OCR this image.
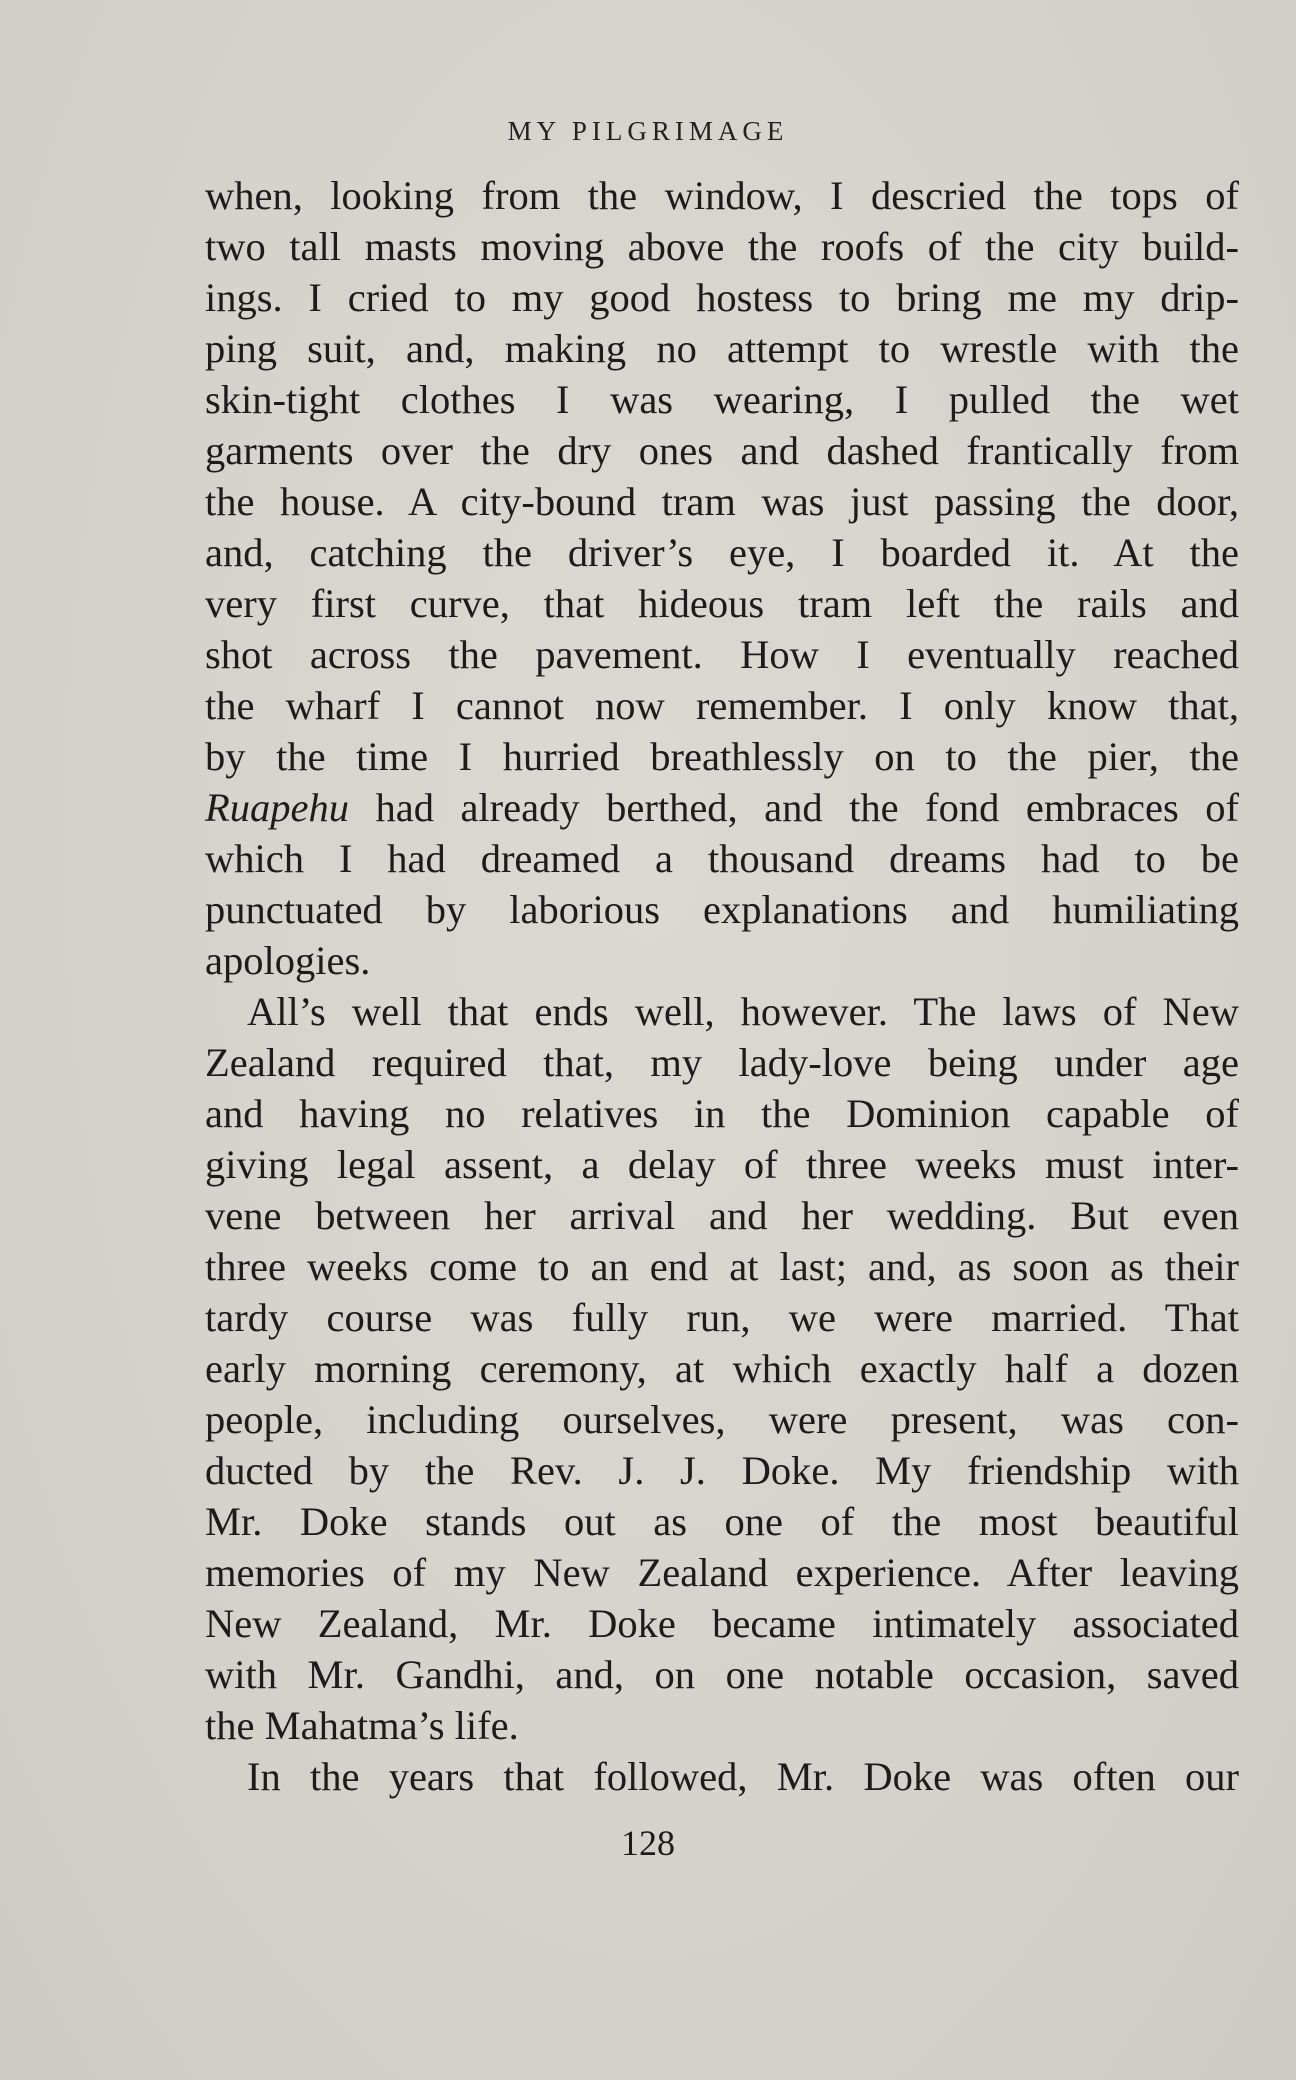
MY PILGRIMAGE
when, looking from the window, I descried the tops of
two tall masts moving above the roofs of the city build-
ings. I cried to my good hostess to bring me my drip-
ping suit, and, making no attempt to wrestle with the
skin-tight clothes I was wearing, I pulled the wet
garments over the dry ones and dashed frantically from
the house. A city-bound tram was just passing the door,
and, catching the driver’s eye, I boarded it. At the
very first curve, that hideous tram left the rails and
shot across the pavement. How I eventually reached
the wharf I cannot now remember. I only know that,
by the time I hurried breathlessly on to the pier, the
Ruapehu had already berthed, and the fond embraces of
which I had dreamed a thousand dreams had to be
punctuated by laborious explanations and humiliating
apologies.
All’s well that ends well, however. The laws of New
Zealand required that, my lady-love being under age
and having no relatives in the Dominion capable of
giving legal assent, a delay of three weeks must inter-
vene between her arrival and her wedding. But even
three weeks come to an end at last; and, as soon as their
tardy course was fully run, we were married. That
early morning ceremony, at which exactly half a dozen
people, including ourselves, were present, was con-
ducted by the Rev. J. J. Doke. My friendship with
Mr. Doke stands out as one of the most beautiful
memories of my New Zealand experience. After leaving
New Zealand, Mr. Doke became intimately associated
with Mr. Gandhi, and, on one notable occasion, saved
the Mahatma’s life.
In the years that followed, Mr. Doke was often our
128
